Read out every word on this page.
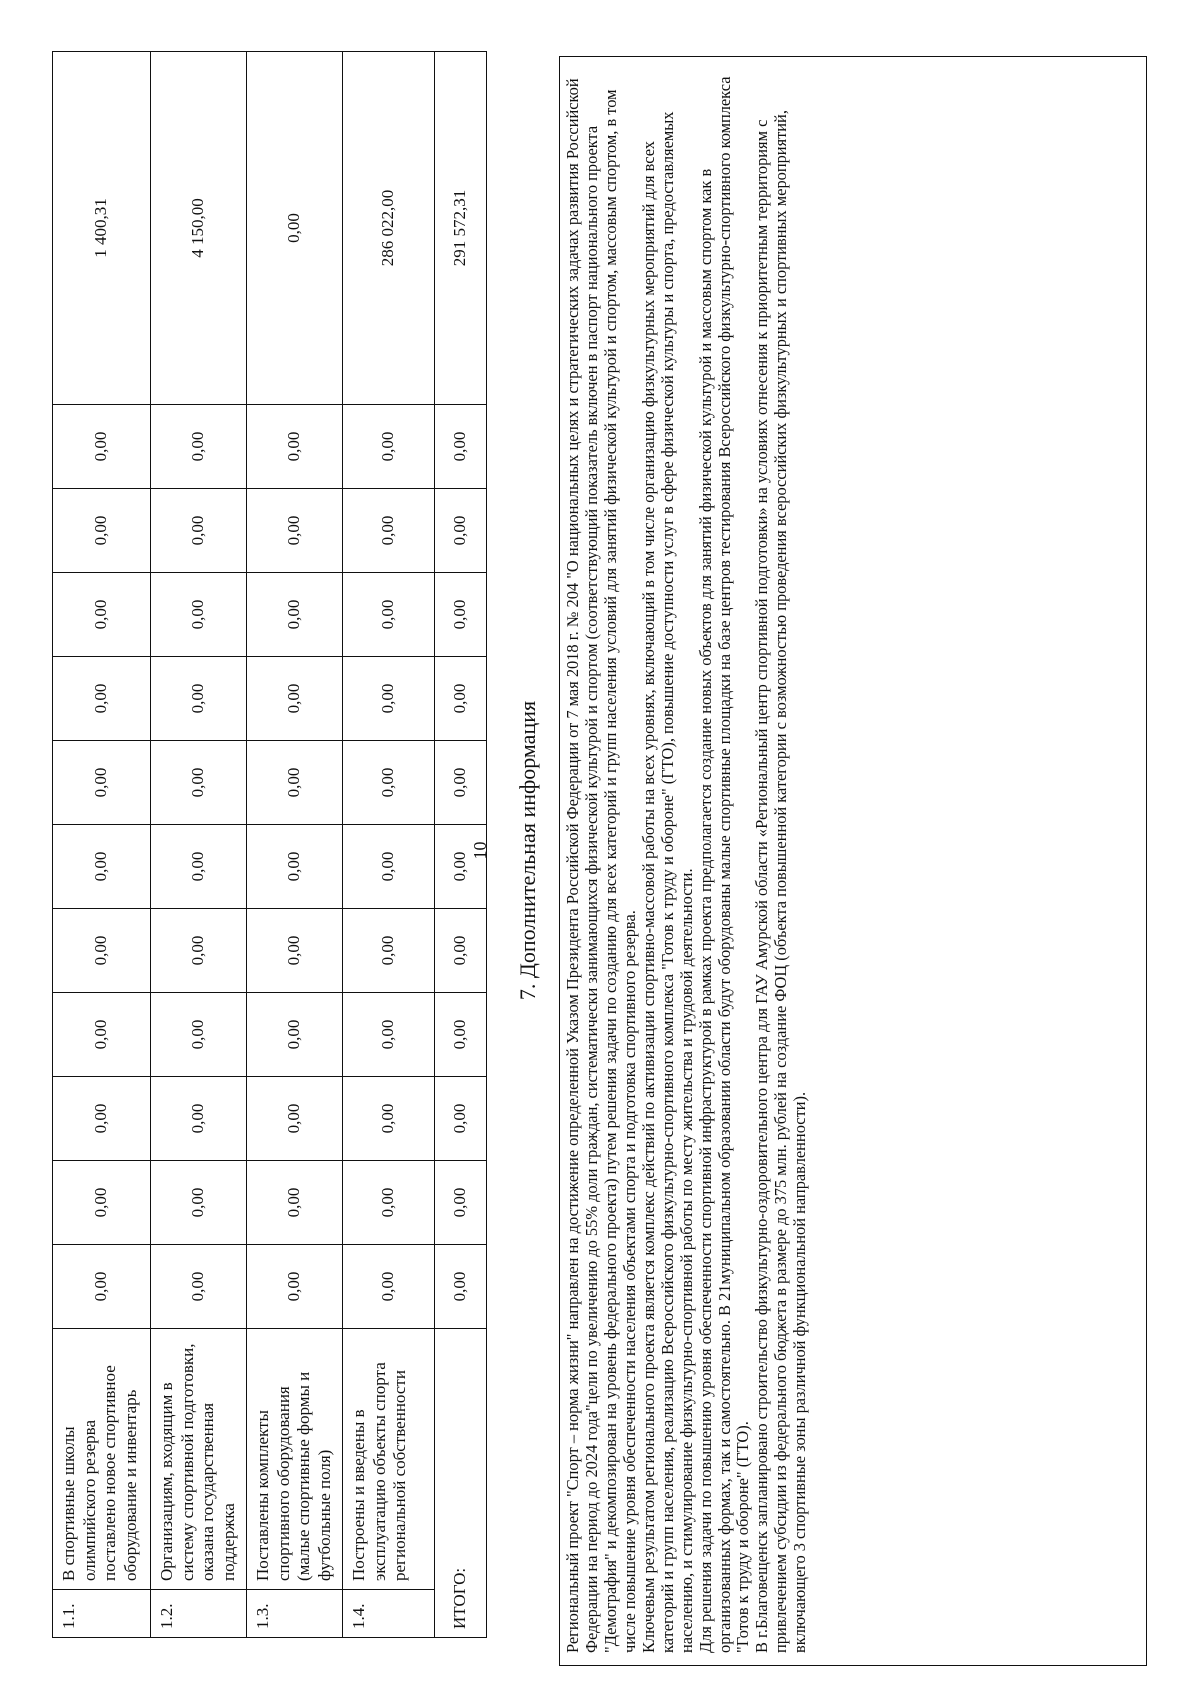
1.1.	В спортивные школы олимпийского резерва поставлено новое спортивное оборудование и инвентарь	0,00	0,00	0,00	0,00	0,00	0,00	0,00	0,00	0,00	0,00	0,00	1 400,31
1.2.	Организациям, входящим в систему спортивной подготовки, оказана государственная поддержка	0,00	0,00	0,00	0,00	0,00	0,00	0,00	0,00	0,00	0,00	0,00	4 150,00
1.3.	Поставлены комплекты спортивного оборудования (малые спортивные формы и футбольные поля)	0,00	0,00	0,00	0,00	0,00	0,00	0,00	0,00	0,00	0,00	0,00	0,00
1.4.	Построены и введены в эксплуатацию объекты спорта региональной собственности	0,00	0,00	0,00	0,00	0,00	0,00	0,00	0,00	0,00	0,00	0,00	286 022,00
ИТОГО:		0,00	0,00	0,00	0,00	0,00	0,00	0,00	0,00	0,00	0,00	0,00	291 572,31
10 7. Дополнительная информация Региональный проект "Спорт – норма жизни" направлен на достижение определенной Указом Президента Российской Федерации от 7 мая 2018 г. № 204 "О национальных целях и стратегических задачах развития Российской Федерации на период до 2024 года"цели по увеличению до 55% доли граждан, систематически занимающихся физической культурой и спортом (соответствующий показатель включен в паспорт национального проекта "Демография" и декомпозирован на уровень федерального проекта) путем решения задачи по созданию для всех категорий и групп населения условий для занятий физической культурой и спортом, массовым спортом, в том числе повышение уровня обеспеченности населения объектами спорта и подготовка спортивного резерва. Ключевым результатом регионального проекта является комплекс действий по активизации спортивно-массовой работы на всех уровнях, включающий в том числе организацию физкультурных мероприятий для всех категорий и групп населения, реализацию Всероссийского физкультурно-спортивного комплекса "Готов к труду и обороне" (ГТО), повышение доступности услуг в сфере физической культуры и спорта, предоставляемых населению, и стимулирование физкультурно-спортивной работы по месту жительства и трудовой деятельности. Для решения задачи по повышению уровня обеспеченности спортивной инфраструктурой в рамках проекта предполагается создание новых объектов для занятий физической культурой и массовым спортом как в организованных формах, так и самостоятельно. В 21муниципальном образовании области будут оборудованы малые спортивные площадки на базе центров тестирования Всероссийского физкультурно-спортивного комплекса "Готов к труду и обороне" (ГТО). В г.Благовещенск запланировано строительство физкультурно-оздоровительного центра для ГАУ Амурской области «Региональный центр спортивной подготовки» на условиях отнесения к приоритетным территориям с привлечением субсидии из федерального бюджета в размере до 375 млн. рублей на создание ФОЦ (объекта повышенной категории с возможностью проведения всероссийских физкультурных и спортивных мероприятий, включающего 3 спортивные зоны различной функциональной направленности).
